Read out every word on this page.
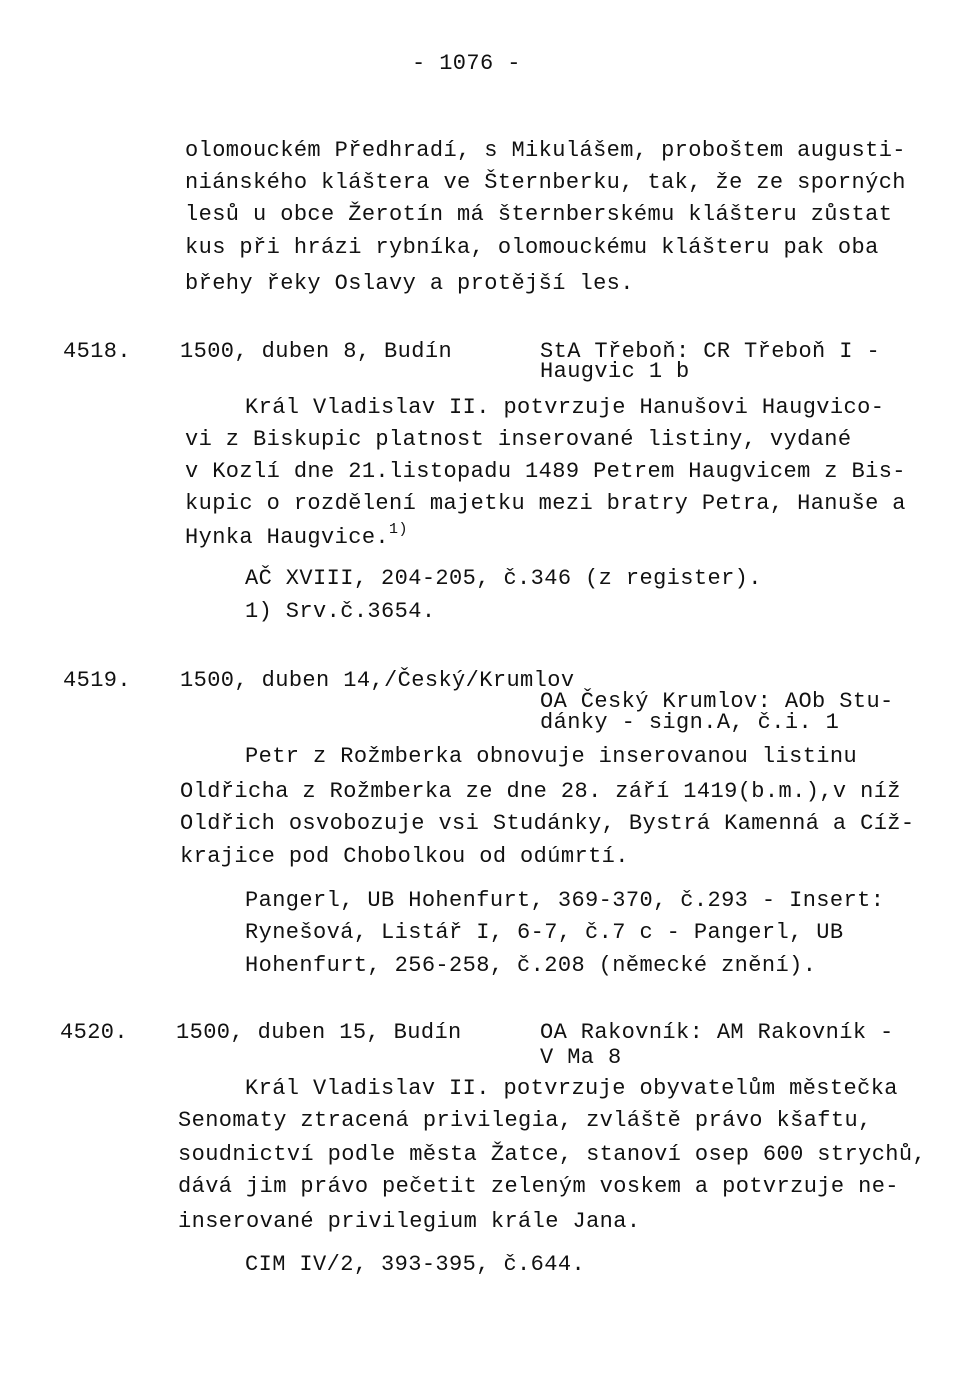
- 1076 -
olomouckém Předhradí, s Mikulášem, proboštem augusti-
niánského kláštera ve Šternberku, tak, že ze sporných
lesů u obce Žerotín má šternberskému klášteru zůstat
kus při hrázi rybníka, olomouckému klášteru pak oba
břehy řeky Oslavy a protější les.
4518. 1500, duben 8, Budín	StA Třeboň: CR Třeboň I -
Haugvic 1 b
Král Vladislav II. potvrzuje Hanušovi Haugvico-
vi z Biskupic platnost inserované listiny, vydané
v Kozlí dne 21.listopadu 1489 Petrem Haugvicem z Bis-
kupic o rozdělení majetku mezi bratry Petra, Hanuše a
Hynka Haugvice.$^{1)}$
AČ XVIII, 204-205, č.346 (z register).
1) Srv.č.3654.
4519. 1500, duben 14,/Český/Krumlov
OA Český Krumlov: AOb Stu-
dánky - sign.A, č.i. 1
Petr z Rožmberka obnovuje inserovanou listinu
Oldřicha z Rožmberka ze dne 28. září 1419(b.m.),v níž
Oldřich osvobozuje vsi Studánky, Bystrá Kamenná a Cíž-
krajice pod Chobolkou od odúmrtí.
Pangerl, UB Hohenfurt, 369-370, č.293 - Insert:
Rynešová, Listář I, 6-7, č.7 c - Pangerl, UB
Hohenfurt, 256-258, č.208 (německé znění).
4520. 1500, duben 15, Budín	OA Rakovník: AM Rakovník -
V Ma 8
Král Vladislav II. potvrzuje obyvatelům městečka
Senomaty ztracená privilegia, zvláště právo kšaftu,
soudnictví podle města Žatce, stanoví osep 600 strychů,
dává jim právo pečetit zeleným voskem a potvrzuje ne-
inserované privilegium krále Jana.
CIM IV/2, 393-395, č.644.
